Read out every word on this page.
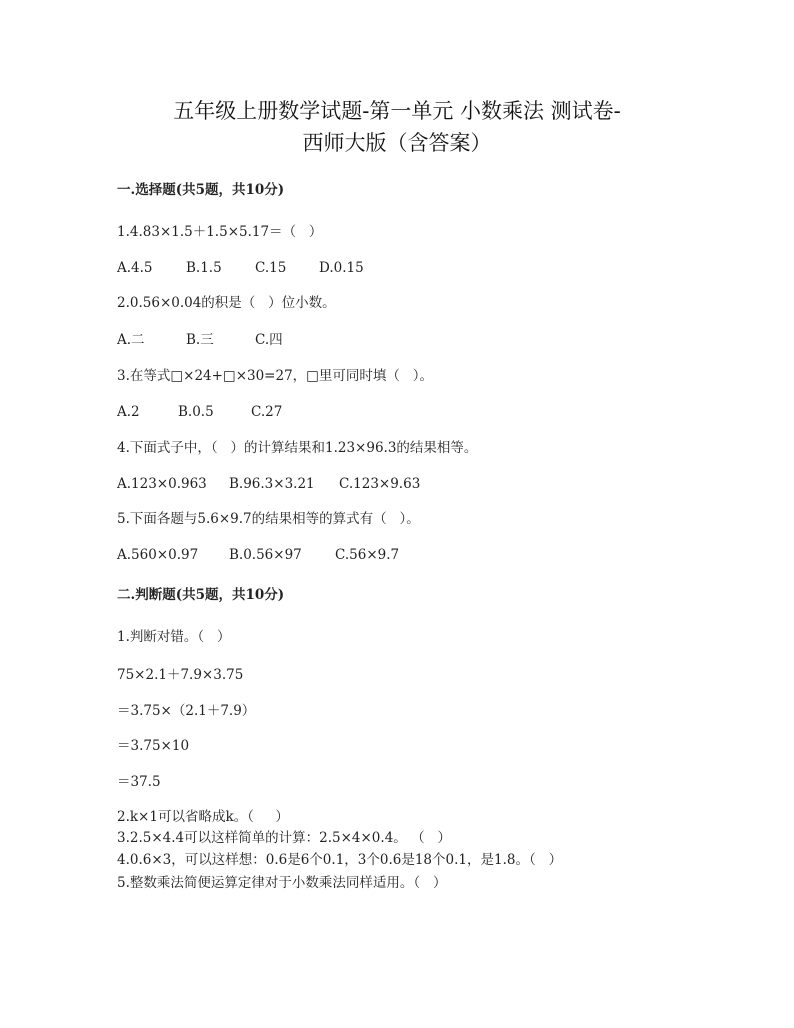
五年级上册数学试题-第一单元 小数乘法 测试卷-
西师大版（含答案）
一.选择题(共5题，共10分)
1.4.83×1.5＋1.5×5.17＝（   ）
A.4.5	B.1.5	C.15	D.0.15
2.0.56×0.04的积是（   ）位小数。
A.二	B.三	C.四
3.在等式□×24+□×30=27，□里可同时填（   ）。
A.2	B.0.5	C.27
4.下面式子中，（   ）的计算结果和1.23×96.3的结果相等。
A.123×0.963	B.96.3×3.21	C.123×9.63
5.下面各题与5.6×9.7的结果相等的算式有（   ）。
A.560×0.97	B.0.56×97	C.56×9.7
二.判断题(共5题，共10分)
1.判断对错。（   ）
75×2.1＋7.9×3.75
＝3.75×（2.1＋7.9）
＝3.75×10
＝37.5
2.k×1可以省略成k。（     ）
3.2.5×4.4可以这样简单的计算：2.5×4×0.4。 （   ）
4.0.6×3，可以这样想：0.6是6个0.1，3个0.6是18个0.1，是1.8。（   ）
5.整数乘法简便运算定律对于小数乘法同样适用。（   ）
